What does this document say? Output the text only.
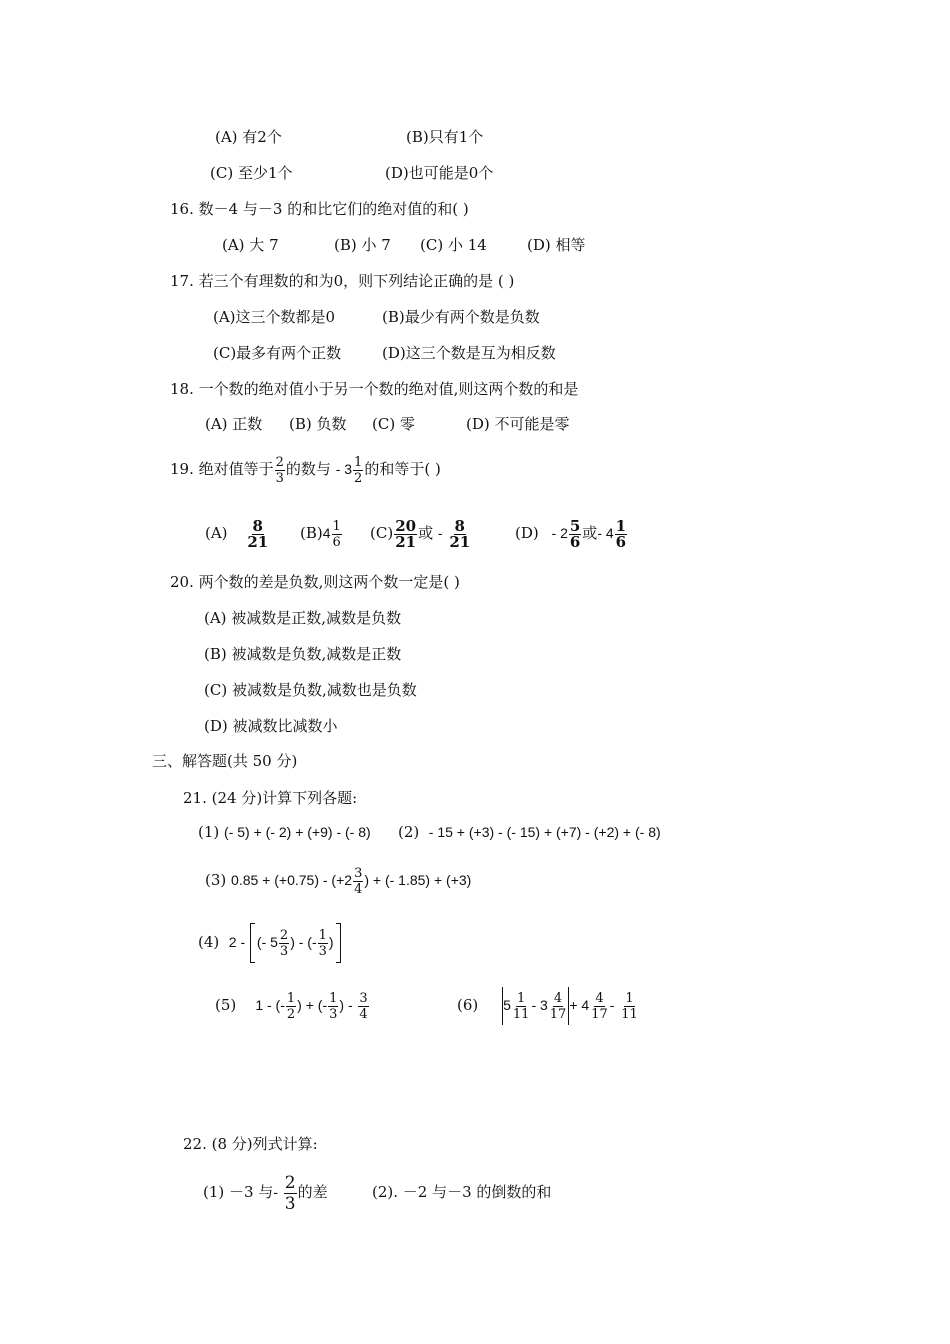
(A) 有2个	(B)只有1个
(C) 至少1个	(D)也可能是0个
16. 数－4 与－3 的和比它们的绝对值的和( )
(A) 大 7	(B) 小 7 (C) 小 14	(D) 相等
17. 若三个有理数的和为0，则下列结论正确的是 ( )
(A)这三个数都是0	(B)最少有两个数是负数
(C)最多有两个正数	(D)这三个数是互为相反数
18. 一个数的绝对值小于另一个数的绝对值,则这两个数的和是
(A) 正数 (B) 负数 (C) 零	(D) 不可能是零
19. 绝对值等于 $\frac{2}{3}$ 的数与 - $3 \frac{1}{2}$ 的和等于( )
$(A) \frac{8}{21} (B)4 \frac{1}{6} (C) \frac{20}{21}$ 或 - $\frac{8}{21}$	$(D) - 2 \frac{5}{6}$ 或- $4 \frac{1}{6}$
20. 两个数的差是负数,则这两个数一定是( )
(A) 被减数是正数,减数是负数
(B) 被减数是负数,减数是正数
(C) 被减数是负数,减数也是负数
(D) 被减数比减数小
三、解答题(共 50 分)
21. (24 分)计算下列各题:
(1) (- 5) + (- 2) + (+9) - (- 8) (2) - 15 + (+3) - (- 15) + (+7) - (+2) + (- 8)
(3) $0.85 + (+0.75) - (+2 \frac{3}{4}$ ) + (- 1.85) + (+3)
(4) 2 - (- $5 \frac{2}{3}$ ) - (- $\frac{1}{3}$ )
(5) 1 - (- $\frac{1}{2}$ ) + (- $\frac{1}{3}$ ) - $\frac{3}{4}$	(6) $5 \frac{1}{11} - 3 \frac{4}{17} + 4 \frac{4}{17} - \frac{1}{11}$
22. (8 分)列式计算:
(1) －3 与- $\frac{2}{3}$ 的差 .	(2). －2 与－3 的倒数的和
